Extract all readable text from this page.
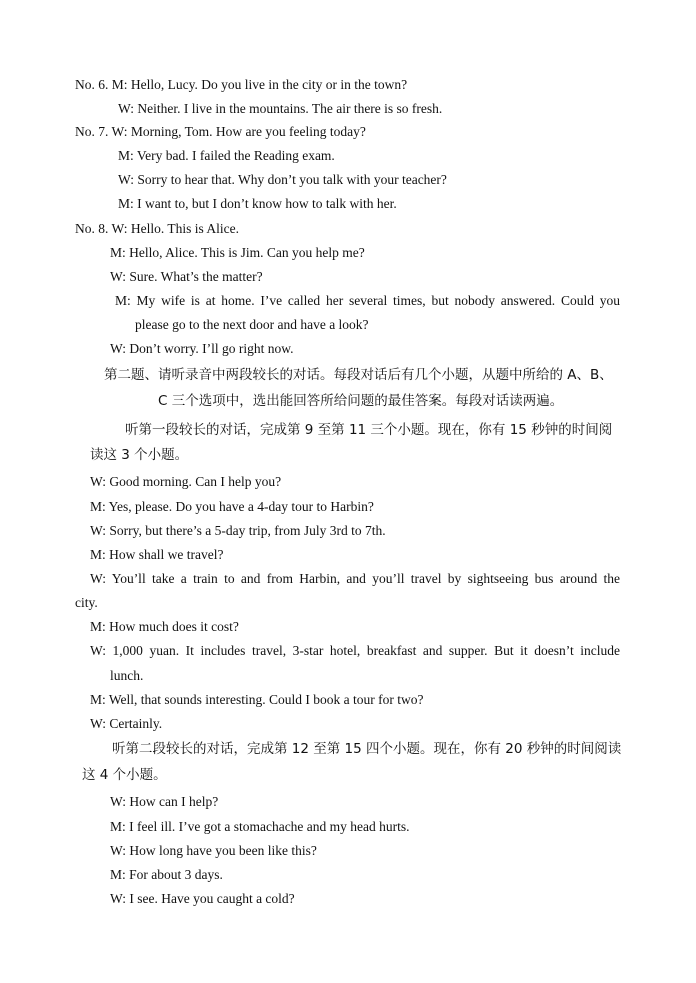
No. 6. M: Hello, Lucy. Do you live in the city or in the town?
W: Neither. I live in the mountains. The air there is so fresh.
No. 7. W: Morning, Tom. How are you feeling today?
M: Very bad. I failed the Reading exam.
W: Sorry to hear that. Why don’t you talk with your teacher?
M: I want to, but I don’t know how to talk with her.
No. 8. W: Hello. This is Alice.
M: Hello, Alice. This is Jim. Can you help me?
W: Sure. What’s the matter?
M: My wife is at home. I’ve called her several times, but nobody answered. Could you
please go to the next door and have a look?
W: Don’t worry. I’ll go right now.
第二题、请听录音中两段较长的对话。每段对话后有几个小题，从题中所给的 A、B、
C 三个选项中，选出能回答所给问题的最佳答案。每段对话读两遍。
听第一段较长的对话，完成第 9 至第 11 三个小题。现在，你有 15 秒钟的时间阅
读这 3 个小题。
W: Good morning. Can I help you?
M: Yes, please. Do you have a 4-day tour to Harbin?
W: Sorry, but there’s a 5-day trip, from July 3rd to 7th.
M: How shall we travel?
W: You’ll take a train to and from Harbin, and you’ll travel by sightseeing bus around the
city.
M: How much does it cost?
W: 1,000 yuan. It includes travel, 3-star hotel, breakfast and supper. But it doesn’t include
lunch.
M: Well, that sounds interesting. Could I book a tour for two?
W: Certainly.
听第二段较长的对话，完成第 12 至第 15 四个小题。现在，你有 20 秒钟的时间阅读
这 4 个小题。
W: How can I help?
M: I feel ill. I’ve got a stomachache and my head hurts.
W: How long have you been like this?
M: For about 3 days.
W: I see. Have you caught a cold?
